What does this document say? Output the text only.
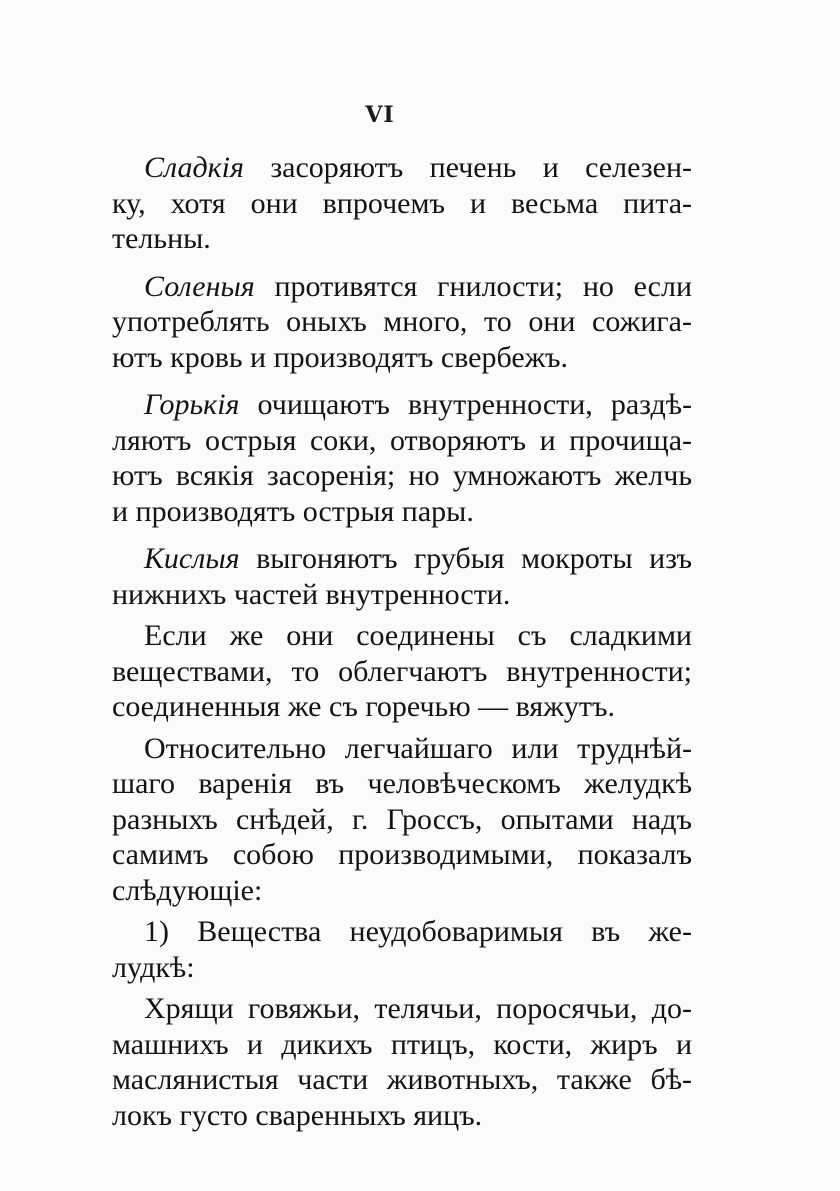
VI

Сладкія засоряютъ печень и селезен-
ку, хотя они впрочемъ и весьма пита-
тельны.

Соленыя противятся гнилости; но если
употреблять оныхъ много, то они сожига-
ютъ кровь и производятъ свербежъ.

Горькія очищаютъ внутренности, раздѣ-
ляютъ острыя соки, отворяютъ и прочища-
ютъ всякія засоренія; но умножаютъ желчь
и производятъ острыя пары.

Кислыя выгоняютъ грубыя мокроты изъ
нижнихъ частей внутренности.

Если же они соединены съ сладкими
веществами, то облегчаютъ внутренности;
соединенныя же съ горечью — вяжутъ.

Относительно легчайшаго или труднѣй-
шаго варенія въ человѣческомъ желудкѣ
разныхъ снѣдей, г. Гроссъ, опытами надъ
самимъ собою производимыми, показалъ
слѣдующіе:

1) Вещества неудобоваримыя въ же-
лудкѣ:

Хрящи говяжьи, телячьи, поросячьи, до-
машнихъ и дикихъ птицъ, кости, жиръ и
маслянистыя части животныхъ, также бѣ-
локъ густо сваренныхъ яицъ.
